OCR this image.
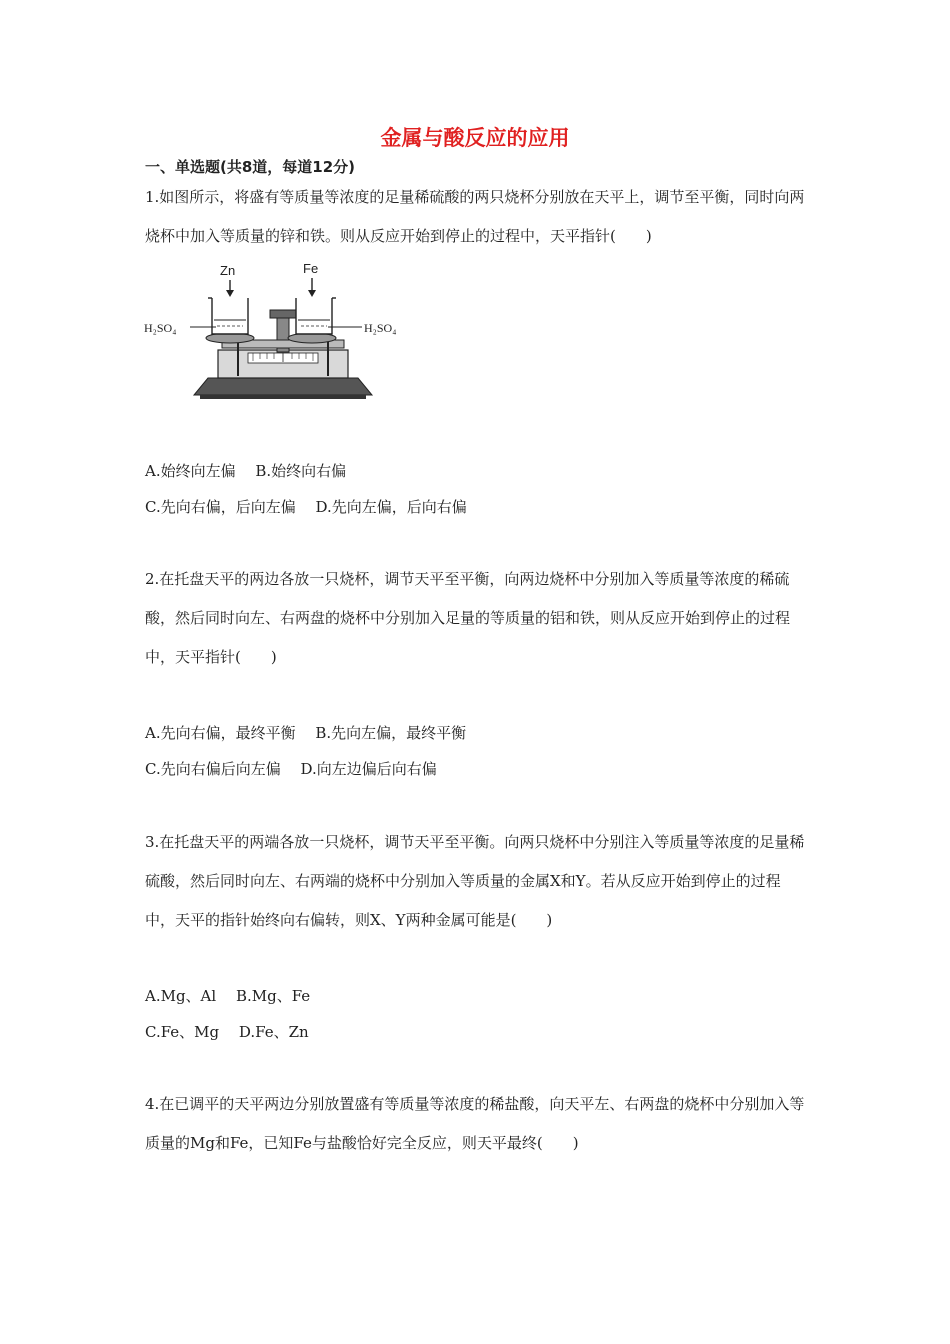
金属与酸反应的应用
一、单选题(共8道，每道12分)
1.如图所示，将盛有等质量等浓度的足量稀硫酸的两只烧杯分别放在天平上，调节至平衡，同时向两烧杯中加入等质量的锌和铁。则从反应开始到停止的过程中，天平指针(　　)
Zn	Fe
H₂SO₄	H₂SO₄
A.始终向左偏　 B.始终向右偏
C.先向右偏，后向左偏　 D.先向左偏，后向右偏
2.在托盘天平的两边各放一只烧杯，调节天平至平衡，向两边烧杯中分别加入等质量等浓度的稀硫酸，然后同时向左、右两盘的烧杯中分别加入足量的等质量的铝和铁，则从反应开始到停止的过程中，天平指针(　　)
A.先向右偏，最终平衡　 B.先向左偏，最终平衡
C.先向右偏后向左偏　 D.向左边偏后向右偏
3.在托盘天平的两端各放一只烧杯，调节天平至平衡。向两只烧杯中分别注入等质量等浓度的足量稀硫酸，然后同时向左、右两端的烧杯中分别加入等质量的金属X和Y。若从反应开始到停止的过程中，天平的指针始终向右偏转，则X、Y两种金属可能是(　　)
A.Mg、Al　 B.Mg、Fe
C.Fe、Mg　 D.Fe、Zn
4.在已调平的天平两边分别放置盛有等质量等浓度的稀盐酸，向天平左、右两盘的烧杯中分别加入等质量的Mg和Fe，已知Fe与盐酸恰好完全反应，则天平最终(　　)
